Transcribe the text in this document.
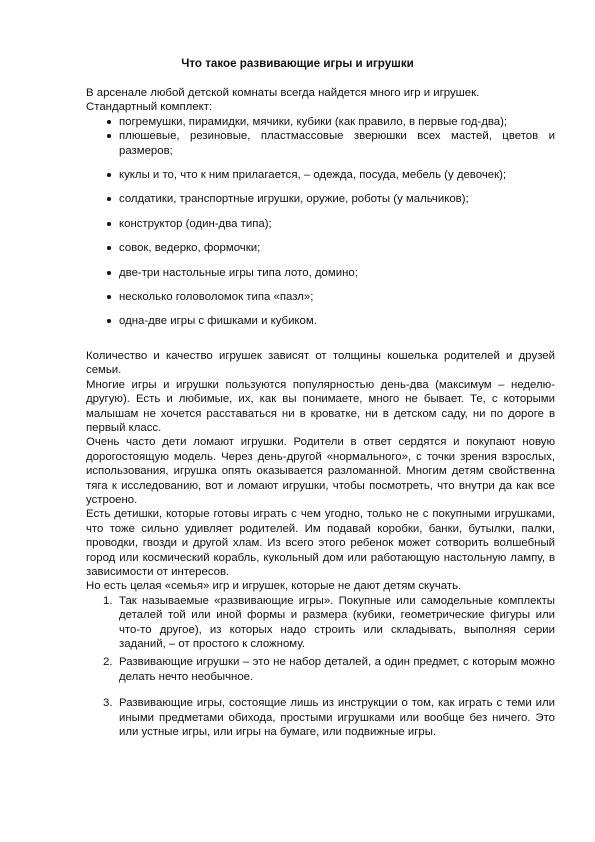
Что такое развивающие игры и игрушки

В арсенале любой детской комнаты всегда найдется много игр и игрушек.

Стандартный комплект:

погремушки, пирамидки, мячики, кубики (как правило, в первые год-два);
плюшевые, резиновые, пластмассовые зверюшки всех мастей, цветов и размеров;
куклы и то, что к ним прилагается, – одежда, посуда, мебель (у девочек);
солдатики, транспортные игрушки, оружие, роботы (у мальчиков);
конструктор (один-два типа);
совок, ведерко, формочки;
две-три настольные игры типа лото, домино;
несколько головоломок типа «пазл»;
одна-две игры с фишками и кубиком.

Количество и качество игрушек зависят от толщины кошелька родителей и друзей семьи.

Многие игры и игрушки пользуются популярностью день-два (максимум – неделю-другую). Есть и любимые, их, как вы понимаете, много не бывает. Те, с которыми малышам не хочется расставаться ни в кроватке, ни в детском саду, ни по дороге в первый класс.

Очень часто дети ломают игрушки. Родители в ответ сердятся и покупают новую дорогостоящую модель. Через день-другой «нормального», с точки зрения взрослых, использования, игрушка опять оказывается разломанной. Многим детям свойственна тяга к исследованию, вот и ломают игрушки, чтобы посмотреть, что внутри да как все устроено.

Есть детишки, которые готовы играть с чем угодно, только не с покупными игрушками, что тоже сильно удивляет родителей. Им подавай коробки, банки, бутылки, палки, проводки, гвозди и другой хлам. Из всего этого ребенок может сотворить волшебный город или космический корабль, кукольный дом или работающую настольную лампу, в зависимости от интересов.

Но есть целая «семья» игр и игрушек, которые не дают детям скучать.

1. Так называемые «развивающие игры». Покупные или самодельные комплекты деталей той или иной формы и размера (кубики, геометрические фигуры или что-то другое), из которых надо строить или складывать, выполняя серии заданий, – от простого к сложному.
2. Развивающие игрушки – это не набор деталей, а один предмет, с которым можно делать нечто необычное.
3. Развивающие игры, состоящие лишь из инструкции о том, как играть с теми или иными предметами обихода, простыми игрушками или вообще без ничего. Это или устные игры, или игры на бумаге, или подвижные игры.
